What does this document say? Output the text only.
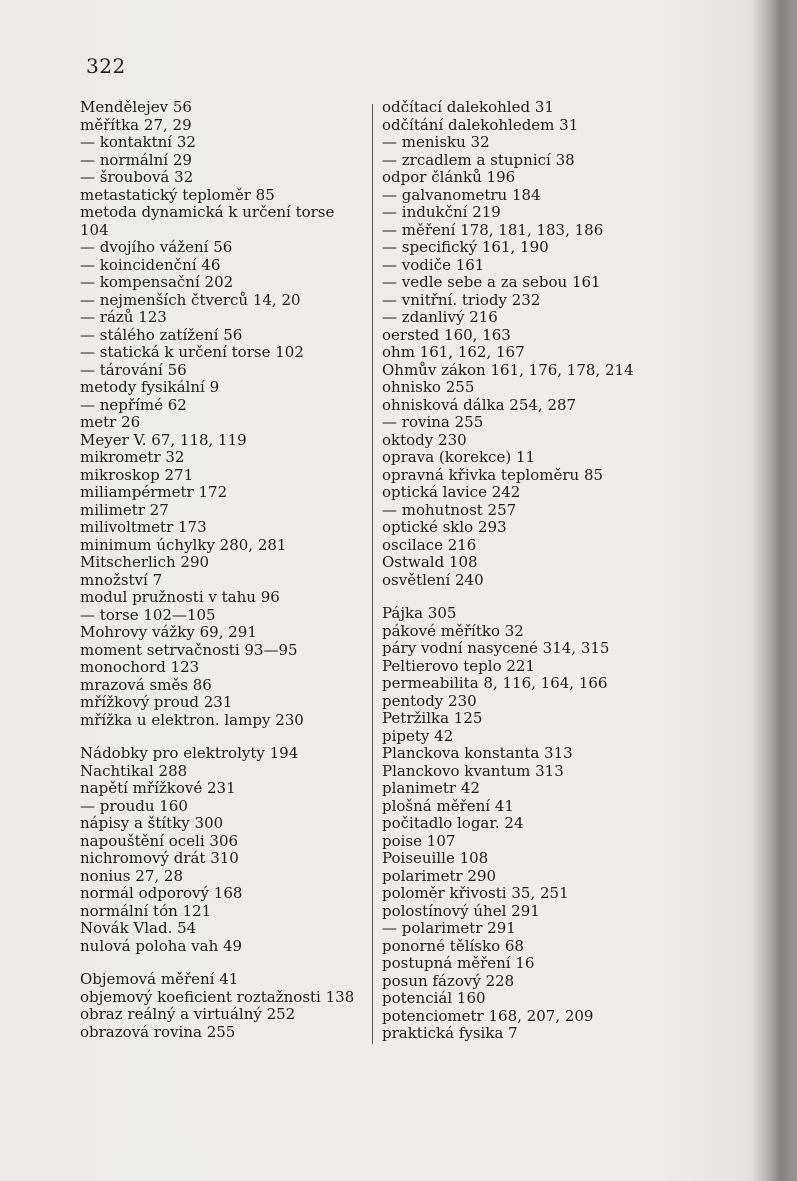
322
Mendělejev 56
měřítka 27, 29
— kontaktní 32
— normální 29
— šroubová 32
metastatický teploměr 85
metoda dynamická k určení torse
104
— dvojího vážení 56
— koincidenční 46
— kompensační 202
— nejmenších čtverců 14, 20
— rázů 123
— stálého zatížení 56
— statická k určení torse 102
— tárování 56
metody fysikální 9
— nepřímé 62
metr 26
Meyer V. 67, 118, 119
mikrometr 32
mikroskop 271
miliampérmetr 172
milimetr 27
milivoltmetr 173
minimum úchylky 280, 281
Mitscherlich 290
množství 7
modul pružnosti v tahu 96
— torse 102—105
Mohrovy vážky 69, 291
moment setrvačnosti 93—95
monochord 123
mrazová směs 86
mřížkový proud 231
mřížka u elektron. lampy 230
Nádobky pro elektrolyty 194
Nachtikal 288
napětí mřížkové 231
— proudu 160
nápisy a štítky 300
napouštění oceli 306
nichromový drát 310
nonius 27, 28
normál odporový 168
normální tón 121
Novák Vlad. 54
nulová poloha vah 49
Objemová měření 41
objemový koeficient roztažnosti 138
obraz reálný a virtuálný 252
obrazová rovina 255
odčítací dalekohled 31
odčítání dalekohledem 31
— menisku 32
— zrcadlem a stupnicí 38
odpor článků 196
— galvanometru 184
— indukční 219
— měření 178, 181, 183, 186
— specifický 161, 190
— vodiče 161
— vedle sebe a za sebou 161
— vnitřní. triody 232
— zdanlivý 216
oersted 160, 163
ohm 161, 162, 167
Ohmův zákon 161, 176, 178, 214
ohnisko 255
ohnisková dálka 254, 287
— rovina 255
oktody 230
oprava (korekce) 11
opravná křivka teploměru 85
optická lavice 242
— mohutnost 257
optické sklo 293
oscilace 216
Ostwald 108
osvětlení 240
Pájka 305
pákové měřítko 32
páry vodní nasycené 314, 315
Peltierovo teplo 221
permeabilita 8, 116, 164, 166
pentody 230
Petržilka 125
pipety 42
Planckova konstanta 313
Planckovo kvantum 313
planimetr 42
plošná měření 41
počitadlo logar. 24
poise 107
Poiseuille 108
polarimetr 290
poloměr křivosti 35, 251
polostínový úhel 291
— polarimetr 291
ponorné tělísko 68
postupná měření 16
posun fázový 228
potenciál 160
potenciometr 168, 207, 209
praktická fysika 7
